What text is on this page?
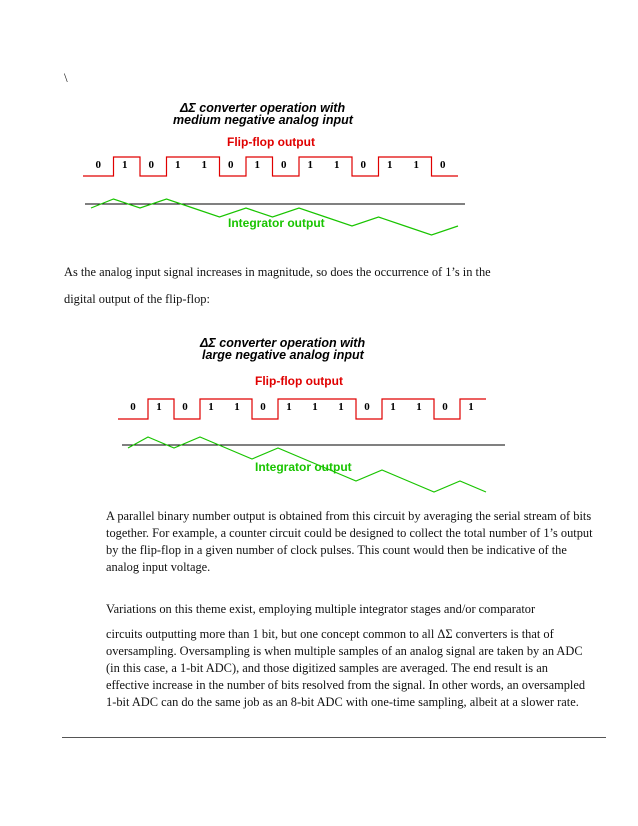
\
ΔΣ converter operation with
medium negative analog input
Flip-flop output
0 1 0 1 1 0 1 0 1 1 0 1 1 0
Integrator output

As the analog input signal increases in magnitude, so does the occurrence of 1’s in the

digital output of the flip-flop:

ΔΣ converter operation with
large negative analog input
Flip-flop output
0 1 0 1 1 0 1 1 1 0 1 1 0 1
Integrator output

A parallel binary number output is obtained from this circuit by averaging the serial stream of bits
together. For example, a counter circuit could be designed to collect the total number of 1’s output
by the flip-flop in a given number of clock pulses. This count would then be indicative of the
analog input voltage.

Variations on this theme exist, employing multiple integrator stages and/or comparator

circuits outputting more than 1 bit, but one concept common to all ΔΣ converters is that of
oversampling. Oversampling is when multiple samples of an analog signal are taken by an ADC
(in this case, a 1-bit ADC), and those digitized samples are averaged. The end result is an
effective increase in the number of bits resolved from the signal. In other words, an oversampled
1-bit ADC can do the same job as an 8-bit ADC with one-time sampling, albeit at a slower rate.
